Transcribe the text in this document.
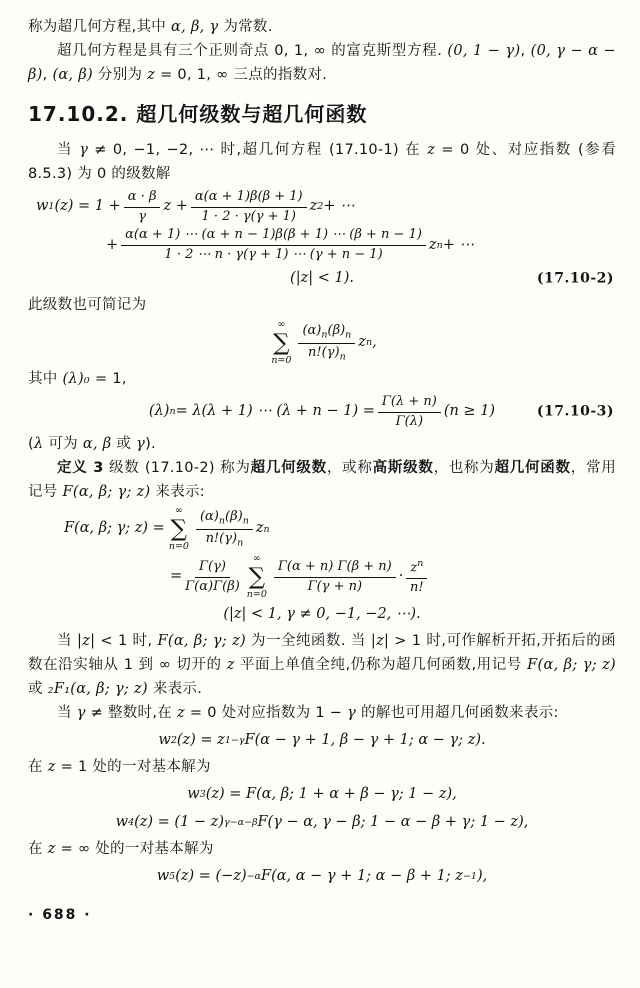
称为超几何方程,其中 α, β, γ 为常数.

超几何方程是具有三个正则奇点 0, 1, ∞ 的富克斯型方程. (0, 1 − γ), (0, γ − α − β), (α, β) 分别为 z = 0, 1, ∞ 三点的指数对.

17.10.2. 超几何级数与超几何函数

当 γ ≠ 0, −1, −2, ⋯ 时,超几何方程 (17.10-1) 在 z = 0 处、对应指数 (参看 8.5.3) 为 0 的级数解

w 1 $(z) = 1 + \frac{\alpha \cdot \beta}{\gamma}$ $z + \frac{\alpha(\alpha + 1)\beta(\beta + 1)}{1 \cdot 2 \cdot \gamma(\gamma + 1)}$ z 2 + ⋯
+ $\frac{\alpha(\alpha + 1) \cdots (\alpha + n - 1)\beta(\beta + 1) \cdots (\beta + n - 1)}{1 \cdot 2 \cdots n \cdot \gamma(\gamma + 1) \cdots (\gamma + n - 1)}$ z n + ⋯
(|z| < 1).	(17.10-2)

此级数也可简记为

∞
∑
$n=0 \frac{(\alpha)_n(\beta)_n}{n!(\gamma)_n}$ z n ,

其中 (λ)₀ = 1,

(λ) n = λ(λ + 1) ⋯ $(\lambda + n - 1) = \frac{\Gamma(\lambda + n)}{\Gamma(\lambda)} (n \ge 1)$	(17.10-3)

(λ 可为 α, β 或 γ).

定义 3 级数 (17.10-2) 称为超几何级数，或称高斯级数，也称为超几何函数，常用记号 F(α, β; γ; z) 来表示:

F(α, β; γ; z) =
∞
∑
$n=0 \frac{(\alpha)_n(\beta)_n}{n!(\gamma)_n}$ z n
= $\frac{\Gamma(\gamma)}{\Gamma(\alpha)\Gamma(\beta)}$
∞
∑
$n=0 \frac{\Gamma(\alpha + n) \Gamma(\beta + n)}{\Gamma(\gamma + n)} \cdot \frac{z^n}{n!}$
(|z| < 1, γ ≠ 0, −1, −2, ⋯).

当 |z| < 1 时, F(α, β; γ; z) 为一全纯函数. 当 |z| > 1 时,可作解析开拓,开拓后的函数在沿实轴从 1 到 ∞ 切开的 z 平面上单值全纯,仍称为超几何函数,用记号 F(α, β; γ; z) 或 ₂F₁(α, β; γ; z) 来表示.

当 γ ≠ 整数时,在 z = 0 处对应指数为 1 − γ 的解也可用超几何函数来表示:

w 2 (z) = z 1−γ F(α − γ + 1, β − γ + 1; α − γ; z).

在 z = 1 处的一对基本解为

w 3 (z) = F(α, β; 1 + α + β − γ; 1 − z),
w 4 (z) = (1 − z) γ−α−β F(γ − α, γ − β; 1 − α − β + γ; 1 − z),

在 z = ∞ 处的一对基本解为

w 5 (z) = (−z) −α F(α, α − γ + 1; α − β + 1; z −1 ),
· 688 ·
